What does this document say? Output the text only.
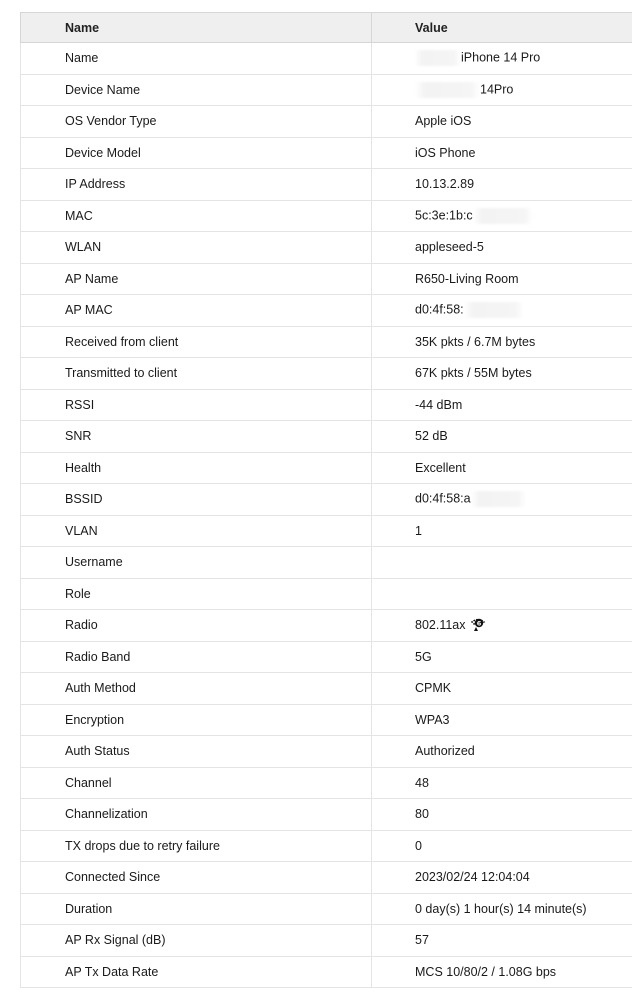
Name	Value
Name	iPhone 14 Pro
Device Name	14Pro
OS Vendor Type	Apple iOS
Device Model	iOS Phone
IP Address	10.13.2.89
MAC	5c:3e:1b:c
WLAN	appleseed-5
AP Name	R650-Living Room
AP MAC	d0:4f:58:
Received from client	35K pkts / 6.7M bytes
Transmitted to client	67K pkts / 55M bytes
RSSI	-44 dBm
SNR	52 dB
Health	Excellent
BSSID	d0:4f:58:a
VLAN	1
Username	
Role	
Radio	802.11ax 6

Radio Band	5G
Auth Method	CPMK
Encryption	WPA3
Auth Status	Authorized
Channel	48
Channelization	80
TX drops due to retry failure	0
Connected Since	2023/02/24 12:04:04
Duration	0 day(s) 1 hour(s) 14 minute(s)
AP Rx Signal (dB)	57
AP Tx Data Rate	MCS 10/80/2 / 1.08G bps
